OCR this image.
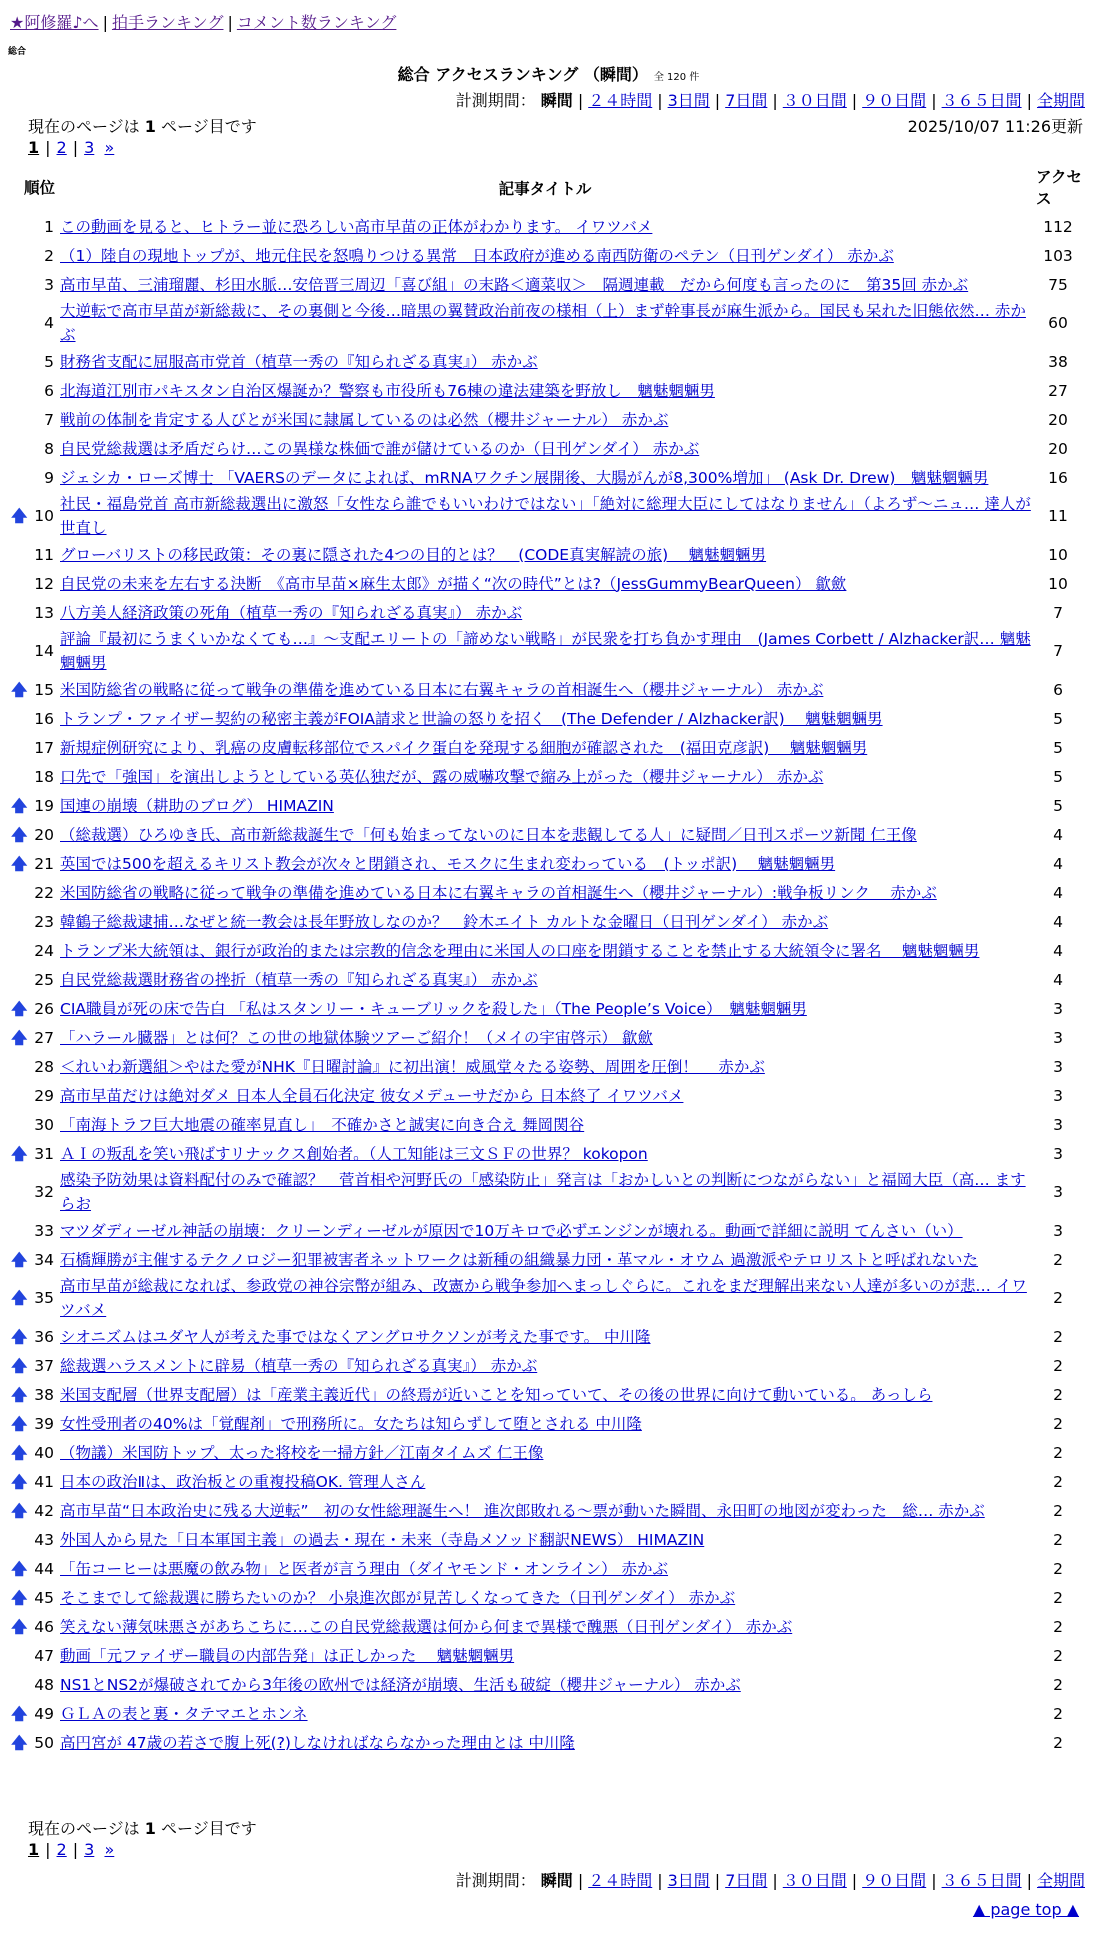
★阿修羅♪へ | 拍手ランキング | コメント数ランキング
総合
総合 アクセスランキング （瞬間） 全 120 件
計測期間： 瞬間 | ２４時間 | 3日間 | 7日間 | ３０日間 | ９０日間 | ３６５日間 | 全期間
現在のページは 1 ページ目です	2025/10/07 11:26更新
1 | 2 | 3 »
順位	記事タイトル	アクセス
1	この動画を見ると、ヒトラー並に恐ろしい高市早苗の正体がわかります。 イワツバメ	112
2	（1）陸自の現地トップが、地元住民を怒鳴りつける異常　日本政府が進める南西防衛のペテン（日刊ゲンダイ） 赤かぶ	103
3	高市早苗、三浦瑠麗、杉田水脈…安倍晋三周辺「喜び組」の末路＜適菜収＞　隔週連載　だから何度も言ったのに　第35回 赤かぶ	75
4	大逆転で高市早苗が新総裁に、その裏側と今後…暗黒の翼賛政治前夜の様相（上）まず幹事長が麻生派から。国民も呆れた旧態依然… 赤かぶ	60
5	財務省支配に屈服高市党首（植草一秀の『知られざる真実』） 赤かぶ	38
6	北海道江別市パキスタン自治区爆誕か？警察も市役所も76棟の違法建築を野放し　魑魅魍魎男	27
7	戦前の体制を肯定する人びとが米国に隷属しているのは必然（櫻井ジャーナル） 赤かぶ	20
8	自民党総裁選は矛盾だらけ…この異様な株価で誰が儲けているのか（日刊ゲンダイ） 赤かぶ	20
9	ジェシカ・ローズ博士 「VAERSのデータによれば、mRNAワクチン展開後、大腸がんが8,300%増加」 (Ask Dr. Drew)　魑魅魍魎男	16

🡅 10	社民・福島党首 高市新総裁選出に激怒「女性なら誰でもいいわけではない」「絶対に総理大臣にしてはなりません」（よろず〜ニュ… 達人が世直し	11
11	グローバリストの移民政策：その裏に隠された4つの目的とは？　(CODE真実解読の旅)　 魑魅魍魎男	10
12	自民党の未来を左右する決断　《高市早苗×麻生太郎》が描く“次の時代”とは?（JessGummyBearQueen） 歙歛	10
13	八方美人経済政策の死角（植草一秀の『知られざる真実』） 赤かぶ	7
14	評論『最初にうまくいかなくても…』〜支配エリートの「諦めない戦略」が民衆を打ち負かす理由　(James Corbett / Alzhacker訳… 魑魅魍魎男	7

🡅 15	米国防総省の戦略に従って戦争の準備を進めている日本に右翼キャラの首相誕生へ（櫻井ジャーナル） 赤かぶ	6
16	トランプ・ファイザー契約の秘密主義がFOIA請求と世論の怒りを招く　(The Defender / Alzhacker訳)　 魑魅魍魎男	5
17	新規症例研究により、乳癌の皮膚転移部位でスパイク蛋白を発現する細胞が確認された　(福田克彦訳)　 魑魅魍魎男	5
18	口先で「強国」を演出しようとしている英仏独だが、露の威嚇攻撃で縮み上がった（櫻井ジャーナル） 赤かぶ	5

🡅 19	国連の崩壊（耕助のブログ） HIMAZIN	5

🡅 20	（総裁選）ひろゆき氏、高市新総裁誕生で「何も始まってないのに日本を悲観してる人」に疑問／日刊スポーツ新聞 仁王像	4

🡅 21	英国では500を超えるキリスト教会が次々と閉鎖され、モスクに生まれ変わっている　(トッポ訳)　 魑魅魍魎男	4
22	米国防総省の戦略に従って戦争の準備を進めている日本に右翼キャラの首相誕生へ（櫻井ジャーナル）:戦争板リンク　 赤かぶ	4
23	韓鶴子総裁逮捕…なぜと統一教会は長年野放しなのか？　鈴木エイト カルトな金曜日（日刊ゲンダイ） 赤かぶ	4
24	トランプ米大統領は、銀行が政治的または宗教的信念を理由に米国人の口座を閉鎖することを禁止する大統領令に署名　 魑魅魍魎男	4
25	自民党総裁選財務省の挫折（植草一秀の『知られざる真実』） 赤かぶ	4

🡅 26	CIA職員が死の床で告白 「私はスタンリー・キューブリックを殺した」（The People’s Voice）　魑魅魍魎男	3

🡅 27	「ハラール臓器」とは何？この世の地獄体験ツアーご紹介！（メイの宇宙啓示） 歙歛	3
28	＜れいわ新選組＞やはた愛がNHK『日曜討論』に初出演！威風堂々たる姿勢、周囲を圧倒！　 赤かぶ	3
29	高市早苗だけは絶対ダメ 日本人全員石化決定 彼女メデューサだから 日本終了 イワツバメ	3
30	「南海トラフ巨大地震の確率見直し」　不確かさと誠実に向き合え 舞岡関谷	3

🡅 31	ＡＩの叛乱を笑い飛ばすリナックス創始者。（人工知能は三文ＳＦの世界？ kokopon	3
32	感染予防効果は資料配付のみで確認？　菅首相や河野氏の「感染防止」発言は「おかしいとの判断につながらない」と福岡大臣（高… ますらお	3
33	マツダディーゼル神話の崩壊：クリーンディーゼルが原因で10万キロで必ずエンジンが壊れる。動画で詳細に説明 てんさい（い）	3

🡅 34	石橋輝勝が主催するテクノロジー犯罪被害者ネットワークは新種の組織暴力団・革マル・オウム 過激派やテロリストと呼ばれないた	2

🡅 35	高市早苗が総裁になれば、参政党の神谷宗幣が組み、改憲から戦争参加へまっしぐらに。これをまだ理解出来ない人達が多いのが悲… イワツバメ	2

🡅 36	シオニズムはユダヤ人が考えた事ではなくアングロサクソンが考えた事です。 中川隆	2

🡅 37	総裁選ハラスメントに辟易（植草一秀の『知られざる真実』） 赤かぶ	2

🡅 38	米国支配層（世界支配層）は「産業主義近代」の終焉が近いことを知っていて、その後の世界に向けて動いている。 あっしら	2

🡅 39	女性受刑者の40%は「覚醒剤」で刑務所に。女たちは知らずして堕とされる 中川隆	2

🡅 40	（物議）米国防トップ、太った将校を一掃方針／江南タイムズ 仁王像	2

🡅 41	日本の政治Ⅱは、政治板との重複投稿OK. 管理人さん	2

🡅 42	高市早苗“日本政治史に残る大逆転”　初の女性総理誕生へ！ 進次郎敗れる〜票が動いた瞬間、永田町の地図が変わった　総… 赤かぶ	2
43	外国人から見た「日本軍国主義」の過去・現在・未来（寺島メソッド翻訳NEWS） HIMAZIN	2

🡅 44	「缶コーヒーは悪魔の飲み物」と医者が言う理由（ダイヤモンド・オンライン） 赤かぶ	2

🡅 45	そこまでして総裁選に勝ちたいのか？ 小泉進次郎が見苦しくなってきた（日刊ゲンダイ） 赤かぶ	2

🡅 46	笑えない薄気味悪さがあちこちに…この自民党総裁選は何から何まで異様で醜悪（日刊ゲンダイ） 赤かぶ	2
47	動画「元ファイザー職員の内部告発」は正しかった　 魑魅魍魎男	2
48	NS1とNS2が爆破されてから3年後の欧州では経済が崩壊、生活も破綻（櫻井ジャーナル） 赤かぶ	2

🡅 49	ＧＬＡの表と裏・タテマエとホンネ	2

🡅 50	高円宮が 47歳の若さで腹上死(?)しなければならなかった理由とは 中川隆	2
現在のページは 1 ページ目です
1 | 2 | 3 »
計測期間： 瞬間 | ２４時間 | 3日間 | 7日間 | ３０日間 | ９０日間 | ３６５日間 | 全期間
▲ page top ▲
